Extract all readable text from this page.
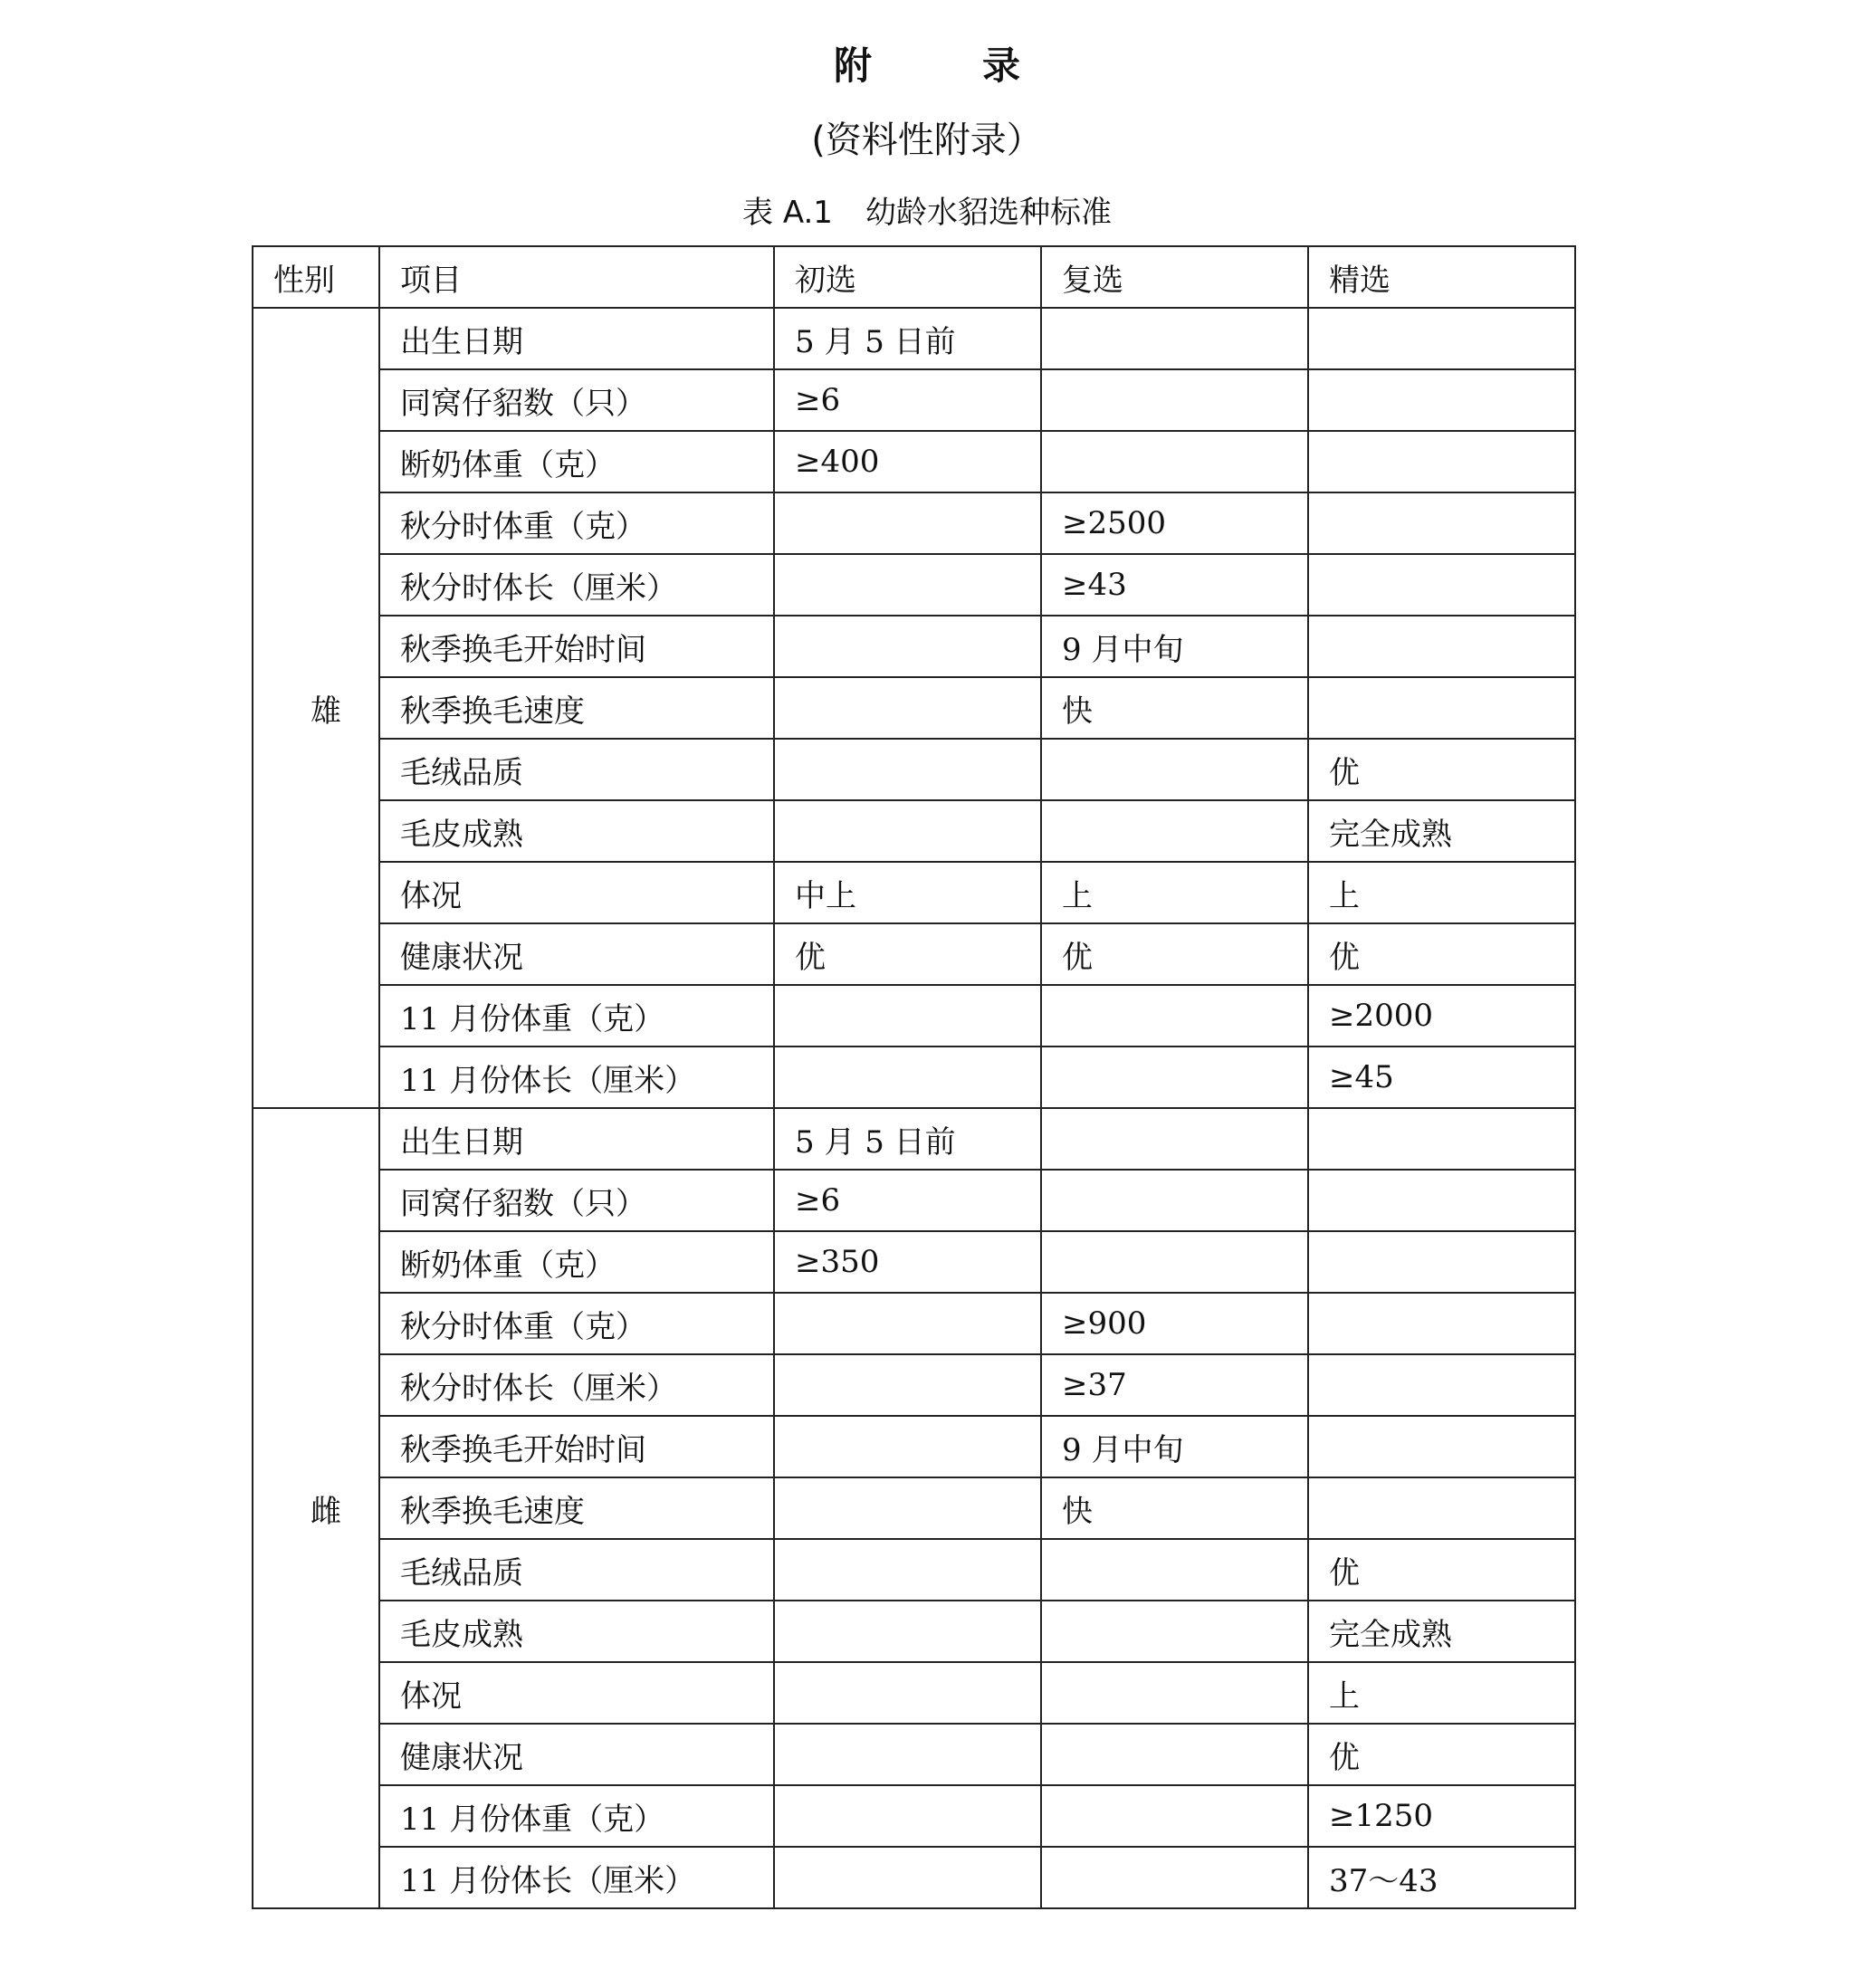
附　录
(资料性附录）
表 A.1 幼龄水貂选种标准
性别	项目	初选	复选	精选
雄	出生日期	5 月 5 日前		
	同窝仔貂数（只）	≥6		
	断奶体重（克）	≥400		
	秋分时体重（克）		≥2500	
	秋分时体长（厘米）		≥43	
	秋季换毛开始时间		9 月中旬	
	秋季换毛速度		快	
	毛绒品质			优
	毛皮成熟			完全成熟
	体况	中上	上	上
	健康状况	优	优	优
	11 月份体重（克）			≥2000
	11 月份体长（厘米）			≥45
雌	出生日期	5 月 5 日前		
	同窝仔貂数（只）	≥6		
	断奶体重（克）	≥350		
	秋分时体重（克）		≥900	
	秋分时体长（厘米）		≥37	
	秋季换毛开始时间		9 月中旬	
	秋季换毛速度		快	
	毛绒品质			优
	毛皮成熟			完全成熟
	体况			上
	健康状况			优
	11 月份体重（克）			≥1250
	11 月份体长（厘米）			37～43
